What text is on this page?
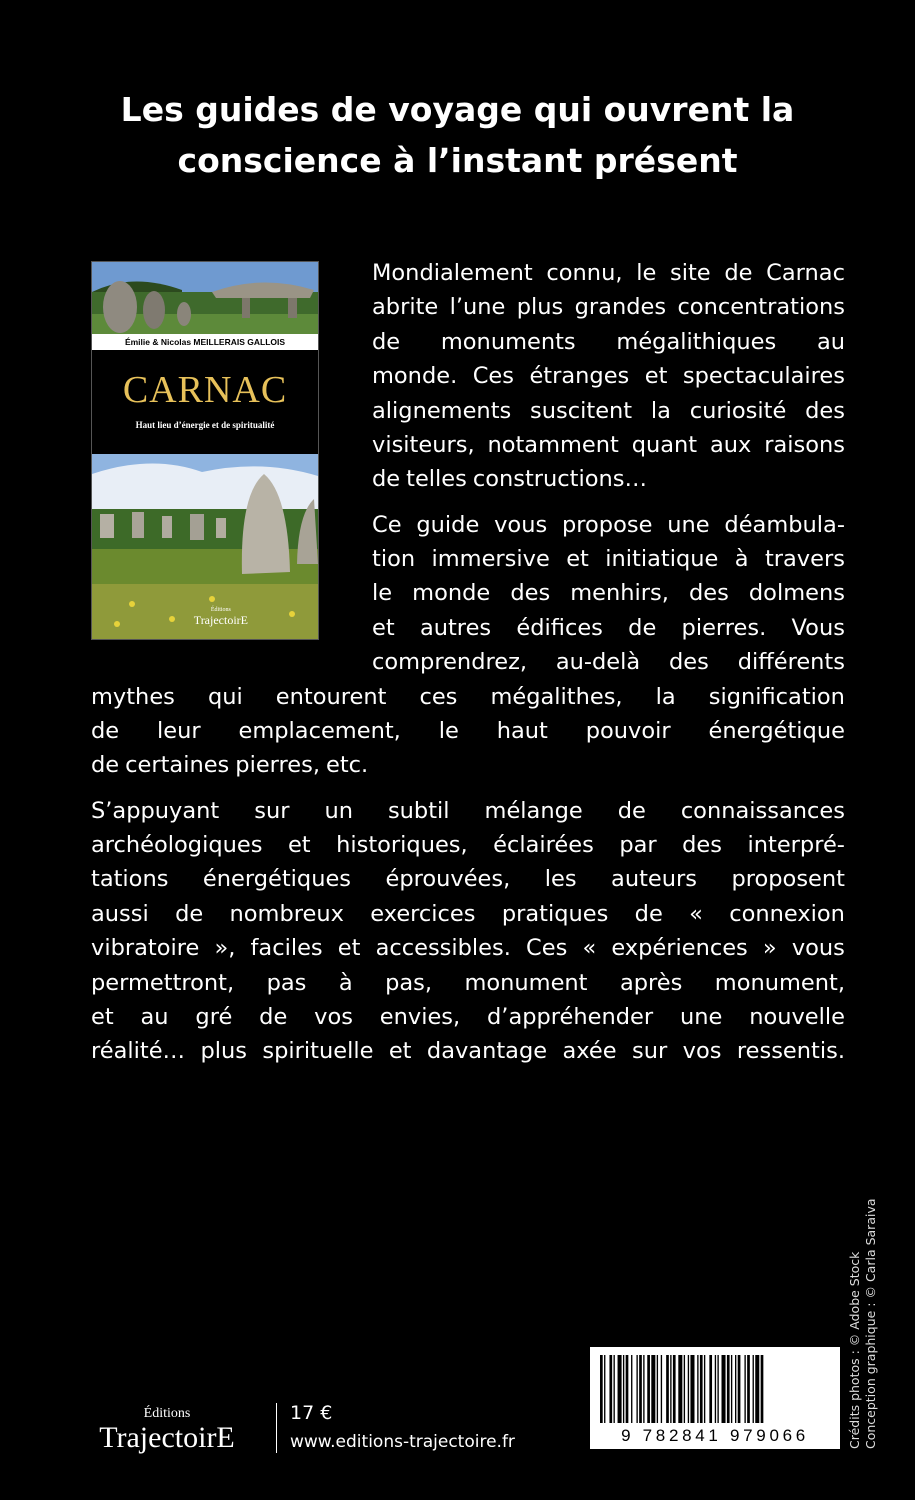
Les guides de voyage qui ouvrent la
conscience à l’instant présent
Émilie & Nicolas MEILLERAIS GALLOIS
CARNAC
Haut lieu d’énergie et de spiritualité
Éditions
TrajectoirE
Mondialement connu, le site de Carnac
abrite l’une plus grandes concentrations
de monuments mégalithiques au
monde. Ces étranges et spectaculaires
alignements suscitent la curiosité des
visiteurs, notamment quant aux raisons
de telles constructions…
Ce guide vous propose une déambula-
tion immersive et initiatique à travers
le monde des menhirs, des dolmens
et autres édifices de pierres. Vous
comprendrez, au-delà des différents
mythes qui entourent ces mégalithes, la signification
de leur emplacement, le haut pouvoir énergétique
de certaines pierres, etc.
S’appuyant sur un subtil mélange de connaissances
archéologiques et historiques, éclairées par des interpré-
tations énergétiques éprouvées, les auteurs proposent
aussi de nombreux exercices pratiques de « connexion
vibratoire », faciles et accessibles. Ces « expériences » vous
permettront, pas à pas, monument après monument,
et au gré de vos envies, d’appréhender une nouvelle
réalité… plus spirituelle et davantage axée sur vos ressentis.
Éditions
TrajectoirE
17 €
www.editions-trajectoire.fr	9 782841 979066	Crédits photos : © Adobe Stock Conception graphique : © Carla Saraiva
